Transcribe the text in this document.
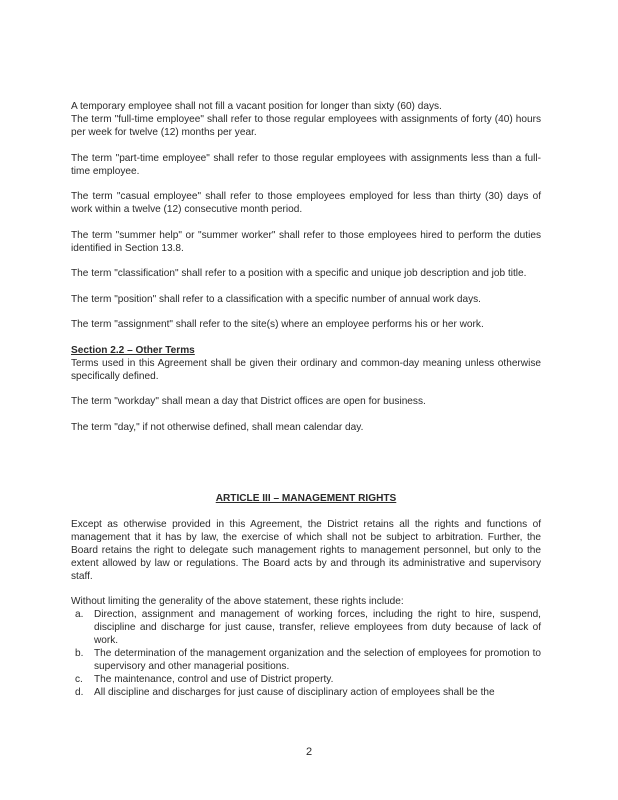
A temporary employee shall not fill a vacant position for longer than sixty (60) days.

The term "full-time employee" shall refer to those regular employees with assignments of forty (40) hours per week for twelve (12) months per year.

The term "part-time employee" shall refer to those regular employees with assignments less than a full-time employee.

The term "casual employee" shall refer to those employees employed for less than thirty (30) days of work within a twelve (12) consecutive month period.

The term "summer help" or "summer worker" shall refer to those employees hired to perform the duties identified in Section 13.8.

The term "classification" shall refer to a position with a specific and unique job description and job title.

The term "position" shall refer to a classification with a specific number of annual work days.

The term "assignment" shall refer to the site(s) where an employee performs his or her work.

Section 2.2 – Other Terms

Terms used in this Agreement shall be given their ordinary and common-day meaning unless otherwise specifically defined.

The term "workday" shall mean a day that District offices are open for business.

The term "day," if not otherwise defined, shall mean calendar day.

ARTICLE III – MANAGEMENT RIGHTS

Except as otherwise provided in this Agreement, the District retains all the rights and functions of management that it has by law, the exercise of which shall not be subject to arbitration. Further, the Board retains the right to delegate such management rights to management personnel, but only to the extent allowed by law or regulations. The Board acts by and through its administrative and supervisory staff.

Without limiting the generality of the above statement, these rights include:

a. Direction, assignment and management of working forces, including the right to hire, suspend, discipline and discharge for just cause, transfer, relieve employees from duty because of lack of work.
b. The determination of the management organization and the selection of employees for promotion to supervisory and other managerial positions.
c. The maintenance, control and use of District property.
d. All discipline and discharges for just cause of disciplinary action of employees shall be the
2
